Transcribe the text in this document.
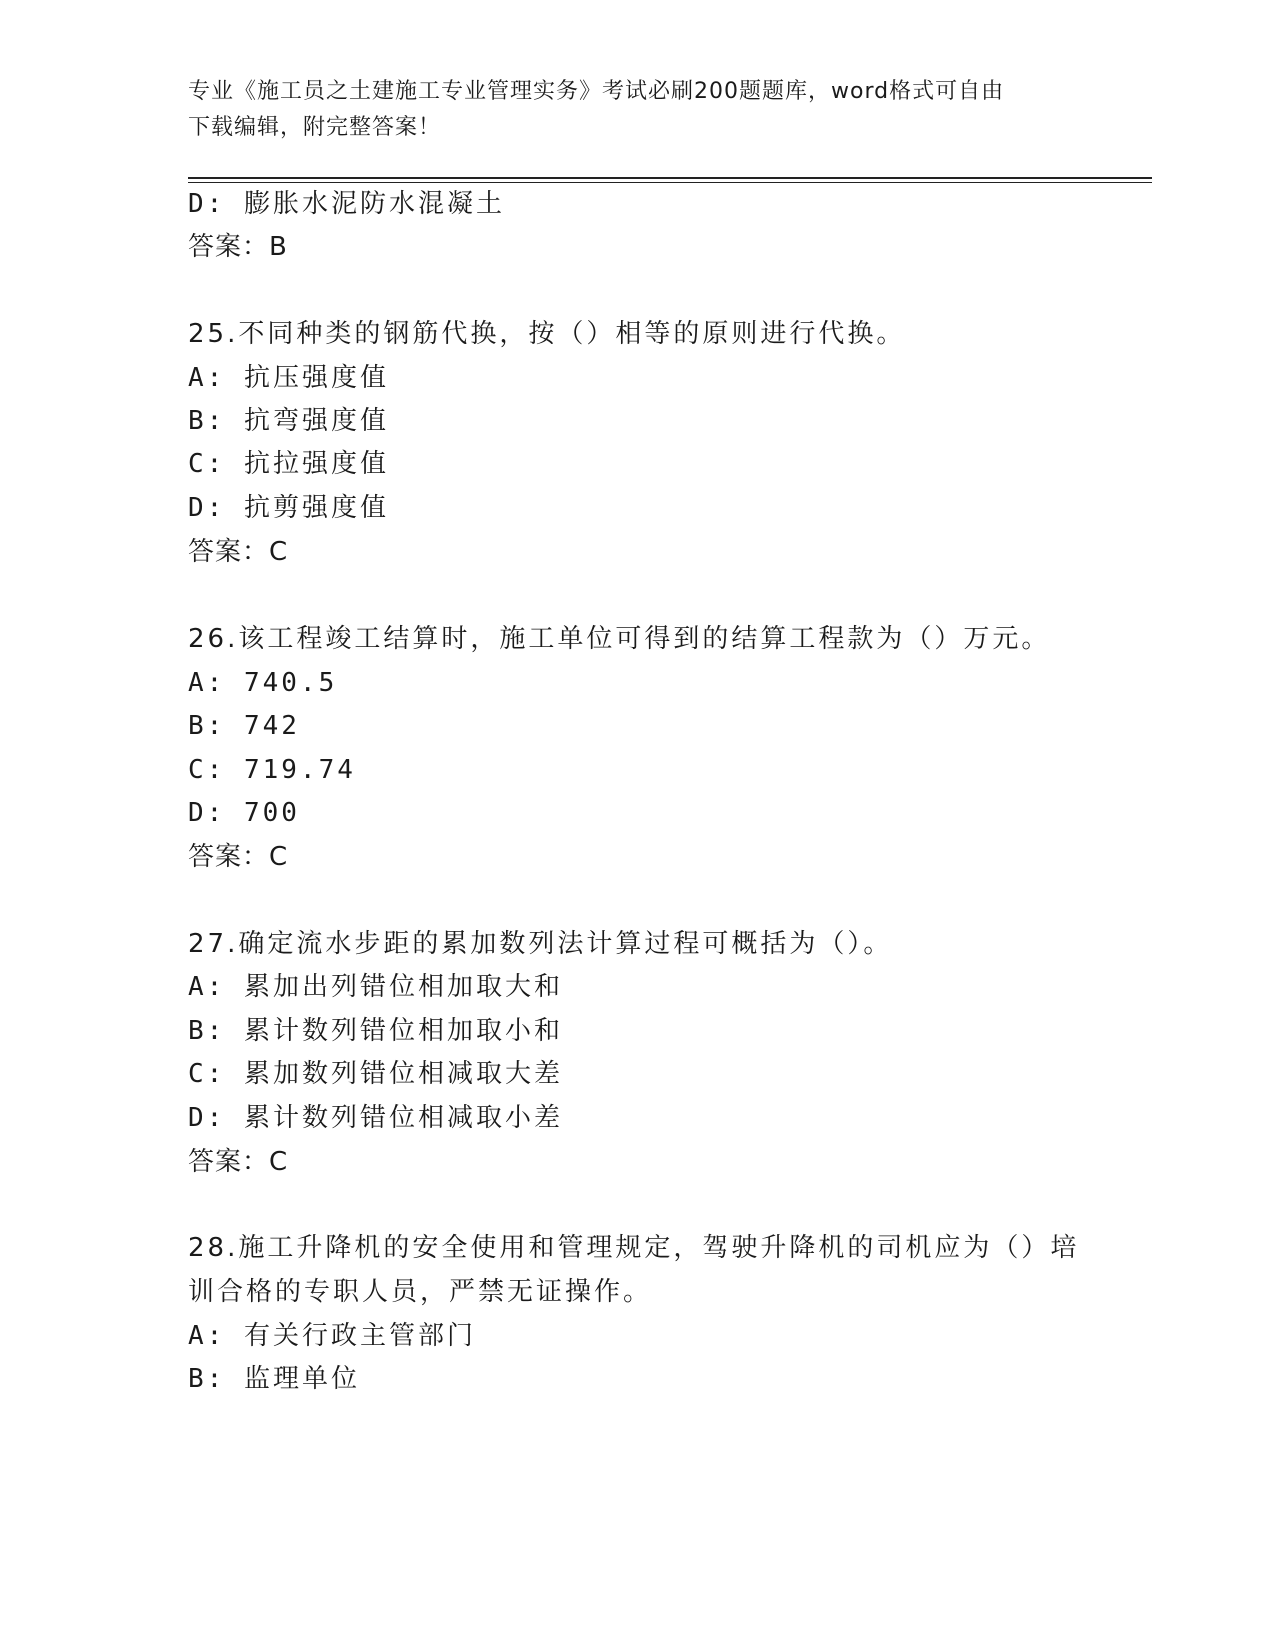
专业《施工员之土建施工专业管理实务》考试必刷200题题库，word格式可自由
下载编辑，附完整答案！

D: 膨胀水泥防水混凝土

答案：B

25.不同种类的钢筋代换，按（）相等的原则进行代换。

A: 抗压强度值

B: 抗弯强度值

C: 抗拉强度值

D: 抗剪强度值

答案：C

26.该工程竣工结算时，施工单位可得到的结算工程款为（）万元。

A: 740.5

B: 742

C: 719.74

D: 700

答案：C

27.确定流水步距的累加数列法计算过程可概括为（）。

A: 累加出列错位相加取大和

B: 累计数列错位相加取小和

C: 累加数列错位相减取大差

D: 累计数列错位相减取小差

答案：C

28.施工升降机的安全使用和管理规定，驾驶升降机的司机应为（）培

训合格的专职人员，严禁无证操作。

A: 有关行政主管部门

B: 监理单位
